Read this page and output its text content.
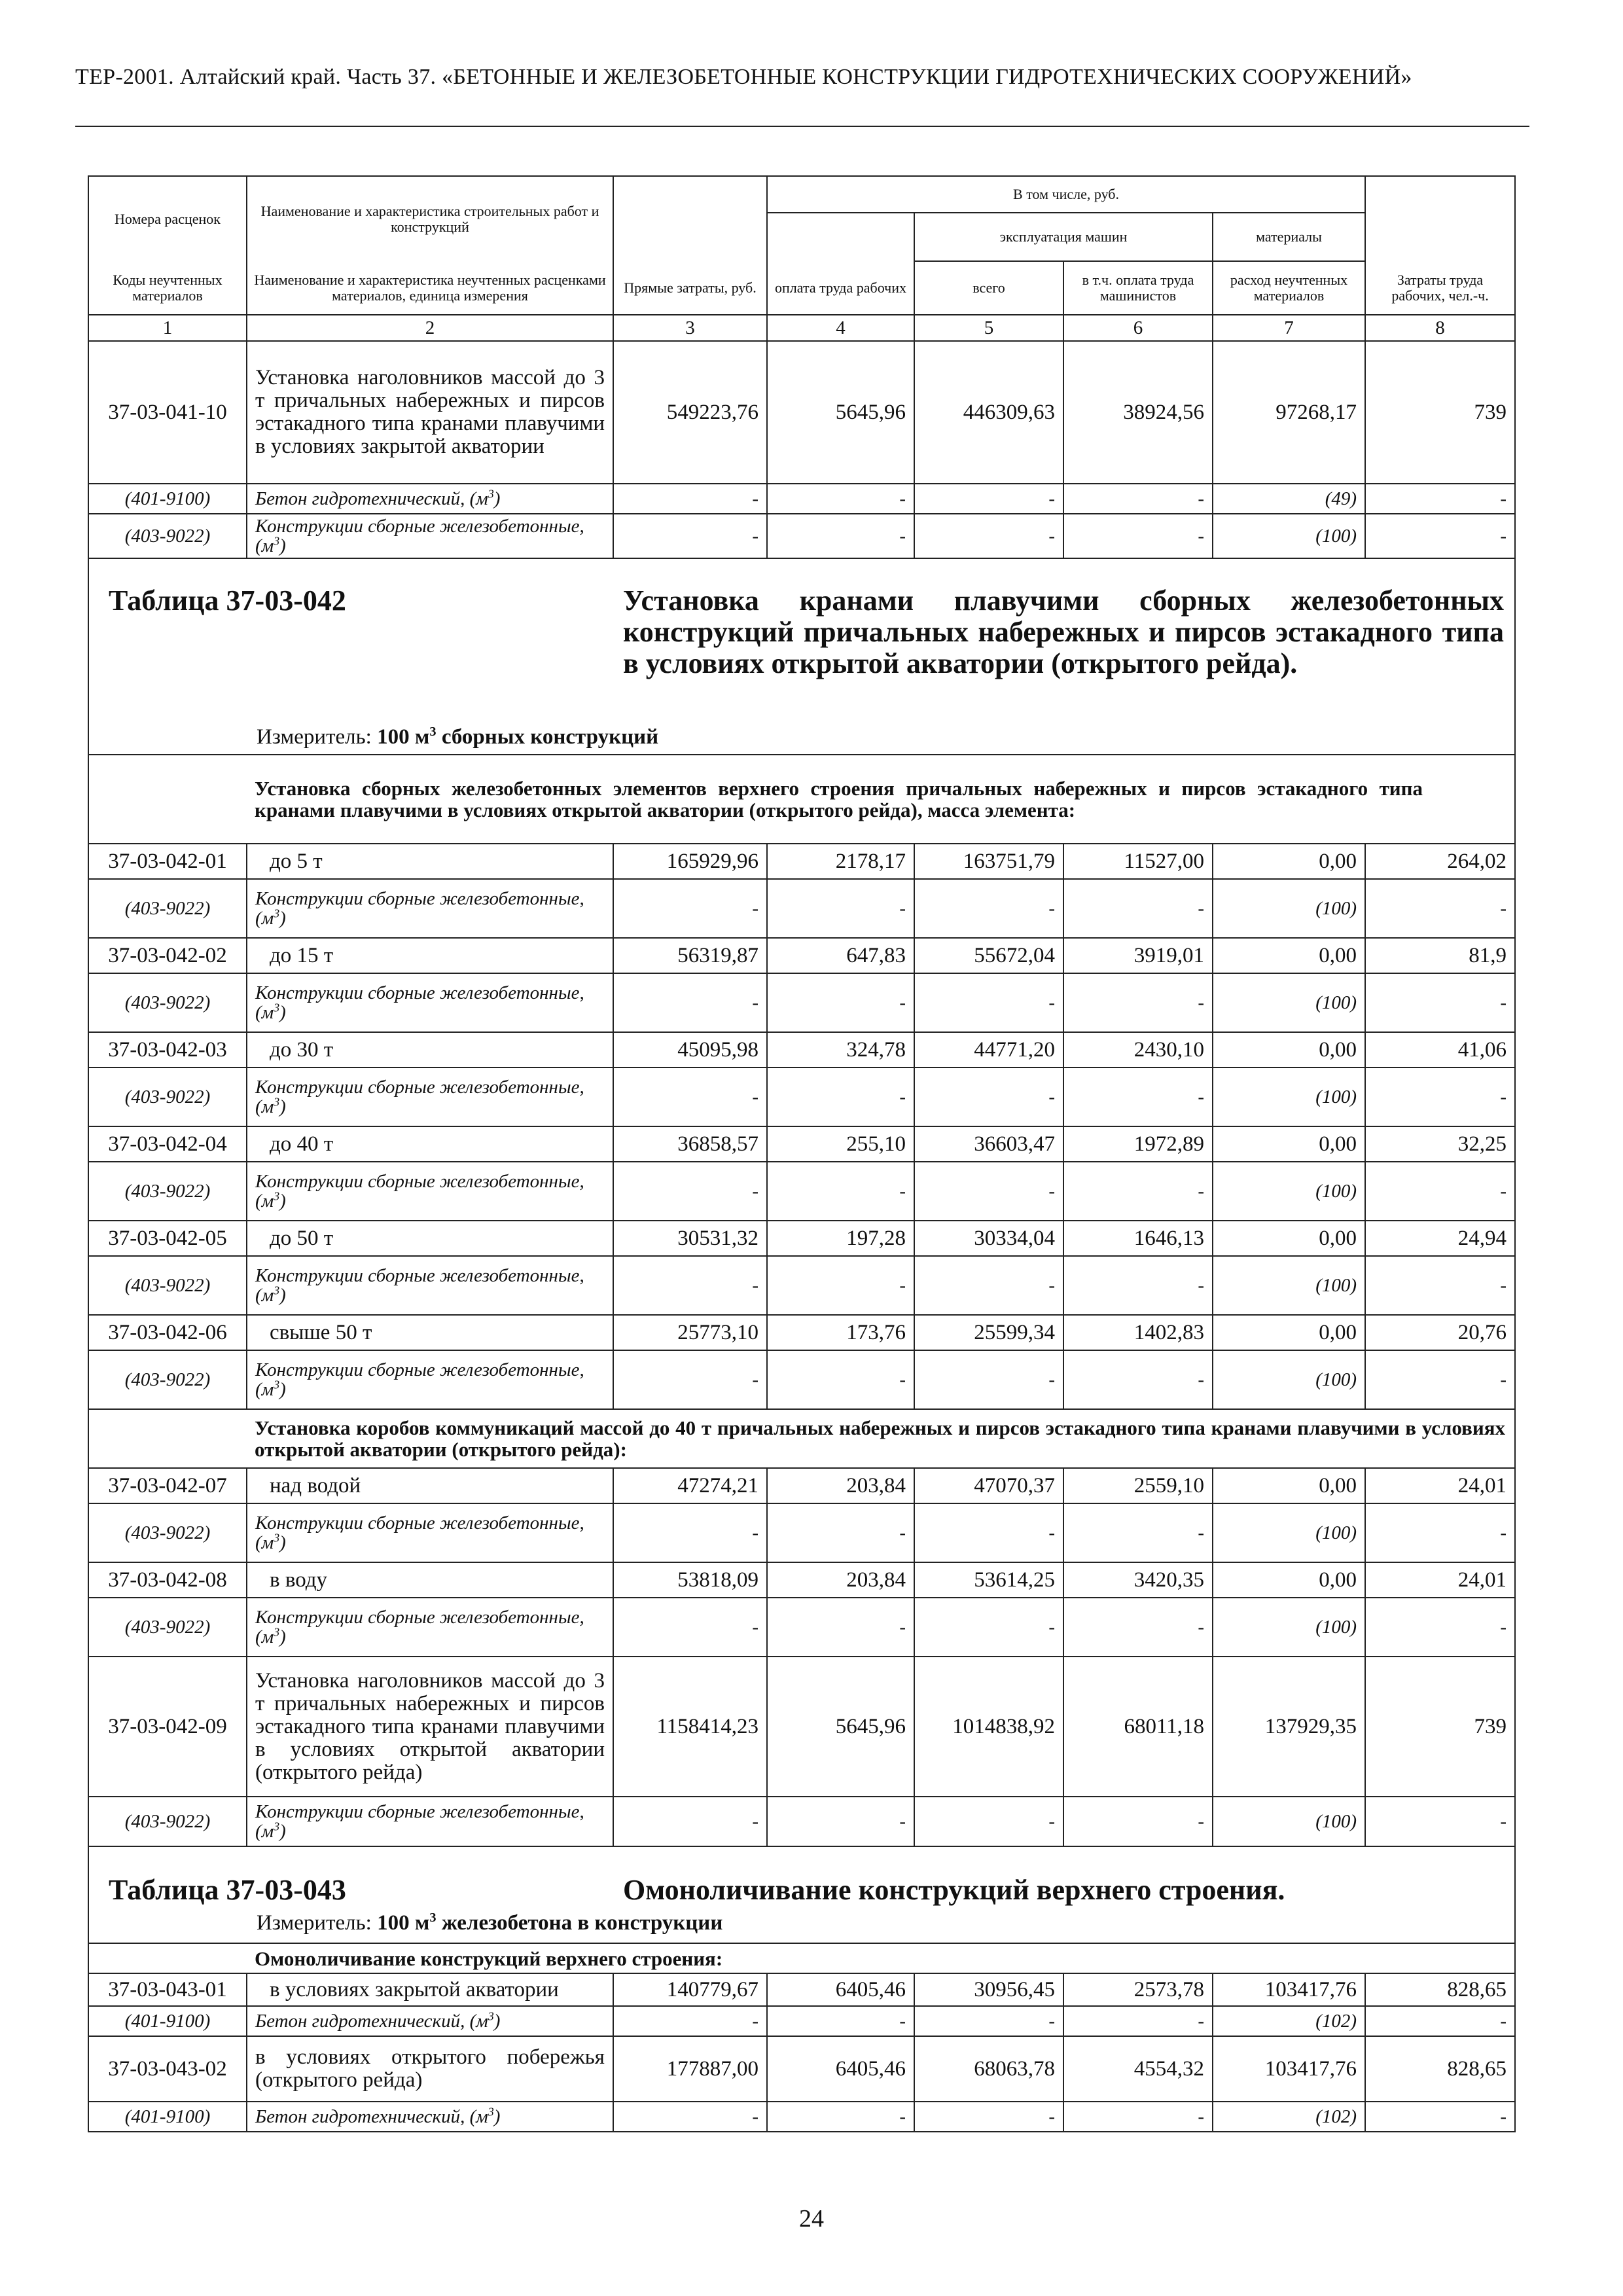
ТЕР-2001. Алтайский край. Часть 37. «БЕТОННЫЕ И ЖЕЛЕЗОБЕТОННЫЕ КОНСТРУКЦИИ ГИДРОТЕХНИЧЕСКИХ СООРУЖЕНИЙ»
Номера расценок	Наименование и характеристика строительных работ и конструкций		В том числе, руб.				
				эксплуатация машин		материалы	
Коды неучтенных материалов	Наименование и характеристика неучтенных расценками материалов, единица измерения	Прямые затраты, руб.	оплата труда рабочих	всего	в т.ч. оплата труда машинистов	расход неучтенных материалов	Затраты труда рабочих, чел.-ч.
1	2	3	4	5	6	7	8
37-03-041-10	Установка наголовников массой до 3 т причальных набережных и пирсов эстакадного типа кранами плавучими в условиях закрытой акватории	549223,76	5645,96	446309,63	38924,56	97268,17	739
(401-9100)	Бетон гидротехнический, $(м^3)$	-	-	-	-	(49)	-
(403-9022)	Конструкции сборные железобетонные, $(м^3)$	-	-	-	-	(100)	-

Таблица 37-03-042 Установка кранами плавучими сборных железобетонных конструкций причальных набережных и пирсов эстакадного типа в условиях открытой акватории (открытого рейда).
Измеритель: 100 $м^3$ сборных конструкций							

	Установка сборных железобетонных элементов верхнего строения причальных набережных и пирсов эстакадного типа кранами плавучими в условиях открытой акватории (открытого рейда), масса элемента:						
37-03-042-01	до 5 т	165929,96	2178,17	163751,79	11527,00	0,00	264,02
(403-9022)	Конструкции сборные железобетонные, $(м^3)$	-	-	-	-	(100)	-
37-03-042-02	до 15 т	56319,87	647,83	55672,04	3919,01	0,00	81,9
(403-9022)	Конструкции сборные железобетонные, $(м^3)$	-	-	-	-	(100)	-
37-03-042-03	до 30 т	45095,98	324,78	44771,20	2430,10	0,00	41,06
(403-9022)	Конструкции сборные железобетонные, $(м^3)$	-	-	-	-	(100)	-
37-03-042-04	до 40 т	36858,57	255,10	36603,47	1972,89	0,00	32,25
(403-9022)	Конструкции сборные железобетонные, $(м^3)$	-	-	-	-	(100)	-
37-03-042-05	до 50 т	30531,32	197,28	30334,04	1646,13	0,00	24,94
(403-9022)	Конструкции сборные железобетонные, $(м^3)$	-	-	-	-	(100)	-
37-03-042-06	свыше 50 т	25773,10	173,76	25599,34	1402,83	0,00	20,76
(403-9022)	Конструкции сборные железобетонные, $(м^3)$	-	-	-	-	(100)	-
	Установка коробов коммуникаций массой до 40 т причальных набережных и пирсов эстакадного типа кранами плавучими в условиях открытой акватории (открытого рейда):						
37-03-042-07	над водой	47274,21	203,84	47070,37	2559,10	0,00	24,01
(403-9022)	Конструкции сборные железобетонные, $(м^3)$	-	-	-	-	(100)	-
37-03-042-08	в воду	53818,09	203,84	53614,25	3420,35	0,00	24,01
(403-9022)	Конструкции сборные железобетонные, $(м^3)$	-	-	-	-	(100)	-
37-03-042-09	Установка наголовников массой до 3 т причальных набережных и пирсов эстакадного типа кранами плавучими в условиях открытой акватории (открытого рейда)	1158414,23	5645,96	1014838,92	68011,18	137929,35	739
(403-9022)	Конструкции сборные железобетонные, $(м^3)$	-	-	-	-	(100)	-

Таблица 37-03-043 Омоноличивание конструкций верхнего строения.
Измеритель: 100 $м^3$ железобетона в конструкции							

	Омоноличивание конструкций верхнего строения:						
37-03-043-01	в условиях закрытой акватории	140779,67	6405,46	30956,45	2573,78	103417,76	828,65
(401-9100)	Бетон гидротехнический, $(м^3)$	-	-	-	-	(102)	-
37-03-043-02	в условиях открытого побережья (открытого рейда)	177887,00	6405,46	68063,78	4554,32	103417,76	828,65
(401-9100)	Бетон гидротехнический, $(м^3)$	-	-	-	-	(102)	-
24
